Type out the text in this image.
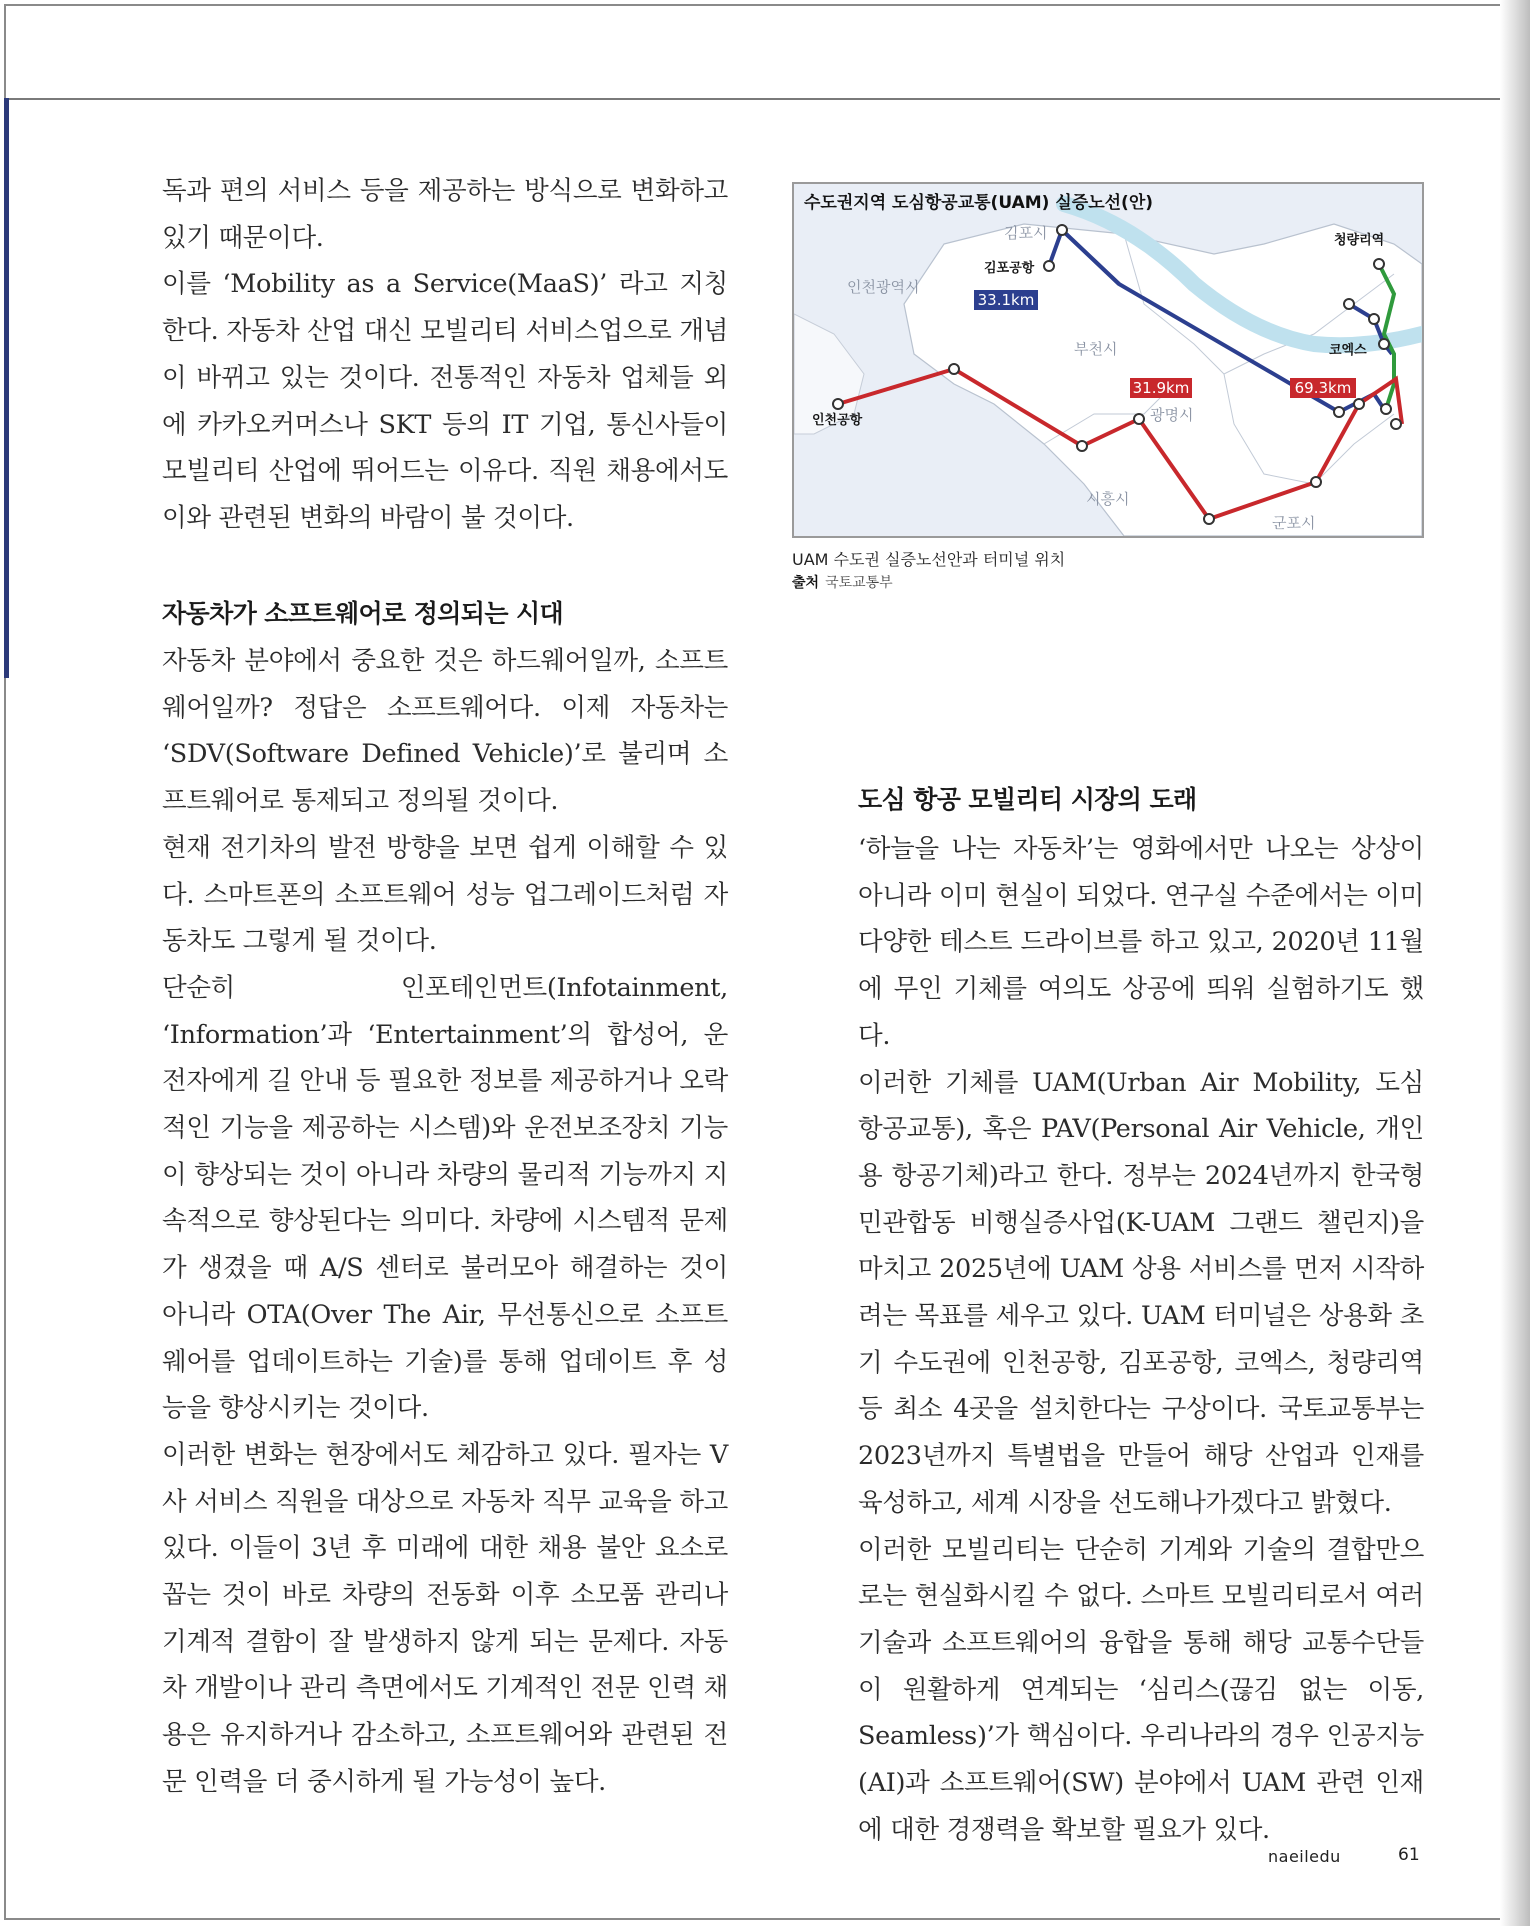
독과 편의 서비스 등을 제공하는 방식으로 변화하고 있기 때문이다.

이를 ‘Mobility as a Service(MaaS)’ 라고 지칭한다. 자동차 산업 대신 모빌리티 서비스업으로 개념이 바뀌고 있는 것이다. 전통적인 자동차 업체들 외에 카카오커머스나 SKT 등의 IT 기업, 통신사들이 모빌리티 산업에 뛰어드는 이유다. 직원 채용에서도 이와 관련된 변화의 바람이 불 것이다.

자동차가 소프트웨어로 정의되는 시대

자동차 분야에서 중요한 것은 하드웨어일까, 소프트웨어일까? 정답은 소프트웨어다. 이제 자동차는 ‘SDV(Software Defined Vehicle)’로 불리며 소프트웨어로 통제되고 정의될 것이다.

현재 전기차의 발전 방향을 보면 쉽게 이해할 수 있다. 스마트폰의 소프트웨어 성능 업그레이드처럼 자동차도 그렇게 될 것이다.

단순히 인포테인먼트(Infotainment, ‘Information’과 ‘Entertainment’의 합성어, 운전자에게 길 안내 등 필요한 정보를 제공하거나 오락적인 기능을 제공하는 시스템)와 운전보조장치 기능이 향상되는 것이 아니라 차량의 물리적 기능까지 지속적으로 향상된다는 의미다. 차량에 시스템적 문제가 생겼을 때 A/S 센터로 불러모아 해결하는 것이 아니라 OTA(Over The Air, 무선통신으로 소프트웨어를 업데이트하는 기술)를 통해 업데이트 후 성능을 향상시키는 것이다.

이러한 변화는 현장에서도 체감하고 있다. 필자는 V사 서비스 직원을 대상으로 자동차 직무 교육을 하고 있다. 이들이 3년 후 미래에 대한 채용 불안 요소로 꼽는 것이 바로 차량의 전동화 이후 소모품 관리나 기계적 결함이 잘 발생하지 않게 되는 문제다. 자동차 개발이나 관리 측면에서도 기계적인 전문 인력 채용은 유지하거나 감소하고, 소프트웨어와 관련된 전문 인력을 더 중시하게 될 가능성이 높다.

33.1km
31.9km	69.3km
김포시
인천광역시
부천시
광명시
시흥시
군포시
김포공항
인천공항
청량리역
코엑스
수도권지역 도심항공교통(UAM) 실증노선(안)
UAM 수도권 실증노선안과 터미널 위치
출처 국토교통부
도심 항공 모빌리티 시장의 도래

‘하늘을 나는 자동차’는 영화에서만 나오는 상상이 아니라 이미 현실이 되었다. 연구실 수준에서는 이미 다양한 테스트 드라이브를 하고 있고, 2020년 11월에 무인 기체를 여의도 상공에 띄워 실험하기도 했다.

이러한 기체를 UAM(Urban Air Mobility, 도심 항공교통), 혹은 PAV(Personal Air Vehicle, 개인용 항공기체)라고 한다. 정부는 2024년까지 한국형 민관합동 비행실증사업(K-UAM 그랜드 챌린지)을 마치고 2025년에 UAM 상용 서비스를 먼저 시작하려는 목표를 세우고 있다. UAM 터미널은 상용화 초기 수도권에 인천공항, 김포공항, 코엑스, 청량리역 등 최소 4곳을 설치한다는 구상이다. 국토교통부는 2023년까지 특별법을 만들어 해당 산업과 인재를 육성하고, 세계 시장을 선도해나가겠다고 밝혔다.

이러한 모빌리티는 단순히 기계와 기술의 결합만으로는 현실화시킬 수 없다. 스마트 모빌리티로서 여러 기술과 소프트웨어의 융합을 통해 해당 교통수단들이 원활하게 연계되는 ‘심리스(끊김 없는 이동, Seamless)’가 핵심이다. 우리나라의 경우 인공지능(AI)과 소프트웨어(SW) 분야에서 UAM 관련 인재에 대한 경쟁력을 확보할 필요가 있다.

naeiledu	61
